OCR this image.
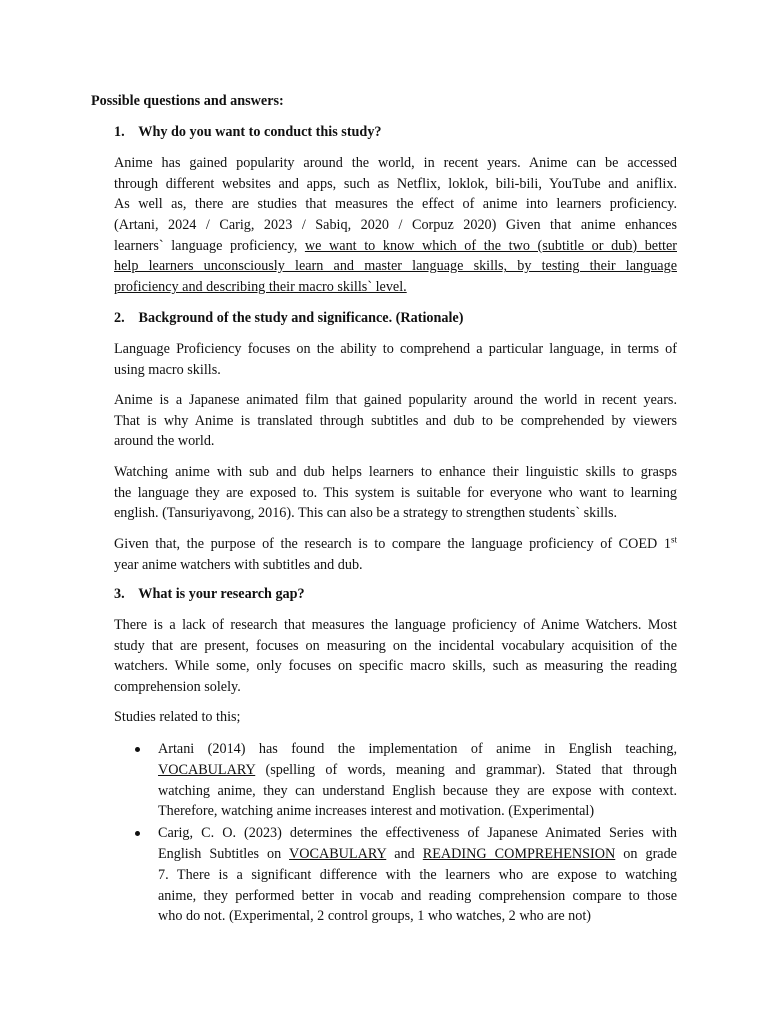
Possible questions and answers:

1. Why do you want to conduct this study?

Anime has gained popularity around the world, in recent years. Anime can be accessed
through different websites and apps, such as Netflix, loklok, bili-bili, YouTube and aniflix.
As well as, there are studies that measures the effect of anime into learners proficiency.
(Artani, 2024 / Carig, 2023 / Sabiq, 2020 / Corpuz 2020) Given that anime enhances
learners` language proficiency, we want to know which of the two (subtitle or dub) better
help learners unconsciously learn and master language skills, by testing their language
proficiency and describing their macro skills` level.

2. Background of the study and significance. (Rationale)

Language Proficiency focuses on the ability to comprehend a particular language, in terms of
using macro skills.
Anime is a Japanese animated film that gained popularity around the world in recent years.
That is why Anime is translated through subtitles and dub to be comprehended by viewers
around the world.
Watching anime with sub and dub helps learners to enhance their linguistic skills to grasps
the language they are exposed to. This system is suitable for everyone who want to learning
english. (Tansuriyavong, 2016). This can also be a strategy to strengthen students` skills.
Given that, the purpose of the research is to compare the language proficiency of COED 1st
year anime watchers with subtitles and dub.

3. What is your research gap?

There is a lack of research that measures the language proficiency of Anime Watchers. Most
study that are present, focuses on measuring on the incidental vocabulary acquisition of the
watchers. While some, only focuses on specific macro skills, such as measuring the reading
comprehension solely.
Studies related to this;
Artani (2014) has found the implementation of anime in English teaching,
VOCABULARY (spelling of words, meaning and grammar). Stated that through
watching anime, they can understand English because they are expose with context.
Therefore, watching anime increases interest and motivation. (Experimental)
Carig, C. O. (2023) determines the effectiveness of Japanese Animated Series with
English Subtitles on VOCABULARY and READING COMPREHENSION on grade
7. There is a significant difference with the learners who are expose to watching
anime, they performed better in vocab and reading comprehension compare to those
who do not. (Experimental, 2 control groups, 1 who watches, 2 who are not)
